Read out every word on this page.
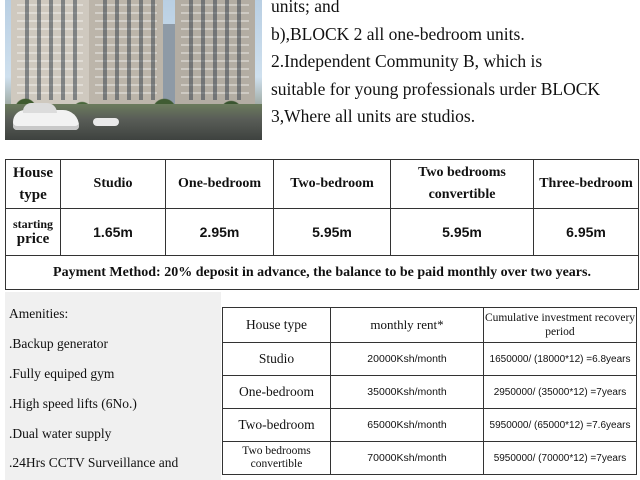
units; and
b),BLOCK 2 all one-bedroom units.
2.Independent Community B, which is
suitable for young professionals urder BLOCK
3,Where all units are studios.
House type	Studio	One-bedroom	Two-bedroom	Two bedrooms convertible	Three-bedroom

starting
price	1.65m	2.95m	5.95m	5.95m	6.95m
Payment Method: 20% deposit in advance, the balance to be paid monthly over two years.					
Amenities:
.Backup generator
.Fully equiped gym
.High speed lifts (6No.)
.Dual water supply
.24Hrs CCTV Surveillance and
House type	monthly rent*	Cumulative investment recovery period
Studio	20000Ksh/month	1650000/ (18000*12) =6.8years
One-bedroom	35000Ksh/month	2950000/ (35000*12) =7years
Two-bedroom	65000Ksh/month	5950000/ (65000*12) =7.6years
Two bedrooms convertible	70000Ksh/month	5950000/ (70000*12) =7years
